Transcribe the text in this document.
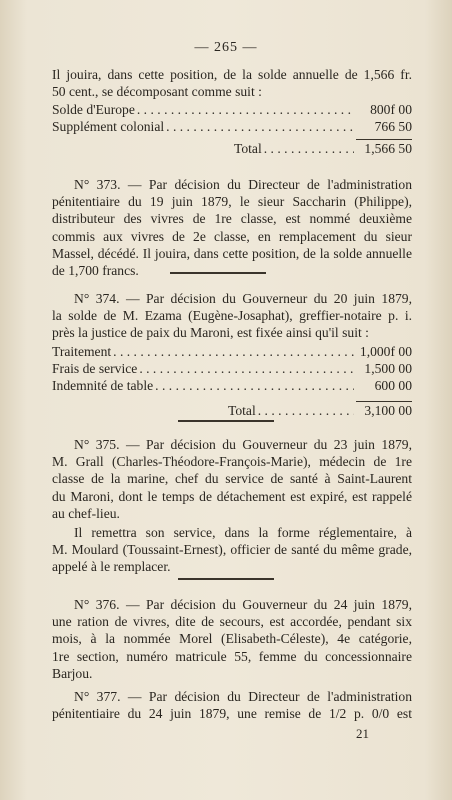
— 265 —
Il jouira, dans cette position, de la solde annuelle de 1,566 fr.
50 cent., se décomposant comme suit :
Solde d'Europe . . .	800f 00
Supplément colonial . . .	766 50
Total . . .	1,566 50
N° 373. — Par décision du Directeur de l'administration
pénitentiaire du 19 juin 1879, le sieur Saccharin (Philippe),
distributeur des vivres de 1re classe, est nommé deuxième
commis aux vivres de 2e classe, en remplacement du sieur
Massel, décédé. Il jouira, dans cette position, de la solde annuelle
de 1,700 francs.
N° 374. — Par décision du Gouverneur du 20 juin 1879,
la solde de M. Ezama (Eugène-Josaphat), greffier-notaire p. i.
près la justice de paix du Maroni, est fixée ainsi qu'il suit :
Traitement . . .	1,000f 00
Frais de service . . .	1,500 00
Indemnité de table . . .	600 00
Total . . .	3,100 00
N° 375. — Par décision du Gouverneur du 23 juin 1879,
M. Grall (Charles-Théodore-François-Marie), médecin de 1re
classe de la marine, chef du service de santé à Saint-Laurent
du Maroni, dont le temps de détachement est expiré, est rappelé
au chef-lieu.
Il remettra son service, dans la forme réglementaire, à
M. Moulard (Toussaint-Ernest), officier de santé du même grade,
appelé à le remplacer.
N° 376. — Par décision du Gouverneur du 24 juin 1879,
une ration de vivres, dite de secours, est accordée, pendant six
mois, à la nommée Morel (Elisabeth-Céleste), 4e catégorie,
1re section, numéro matricule 55, femme du concessionnaire
Barjou.
N° 377. — Par décision du Directeur de l'administration
pénitentiaire du 24 juin 1879, une remise de 1/2 p. 0/0 est
21
